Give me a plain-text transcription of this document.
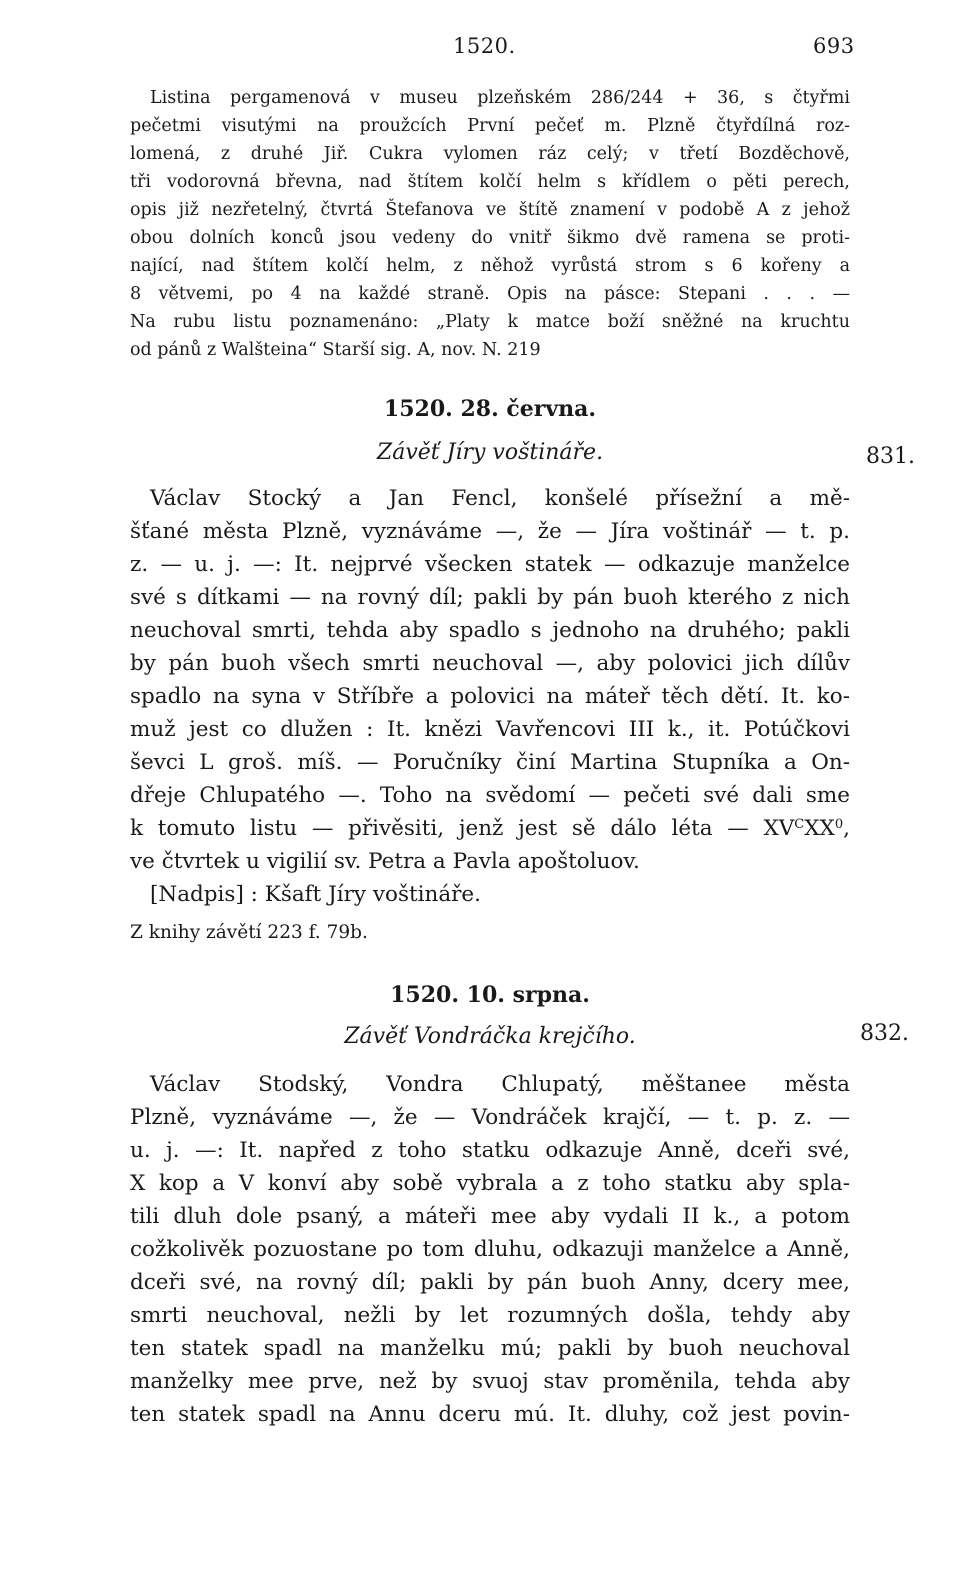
1520.	693
Listina pergamenová v museu plzeňském 286/244 + 36, s čtyřmi
pečetmi visutými na proužcích První pečeť m. Plzně čtyřdílná roz-
lomená, z druhé Jiř. Cukra vylomen ráz celý; v třetí Bozděchově,
tři vodorovná břevna, nad štítem kolčí helm s křídlem o pěti perech,
opis již nezřetelný, čtvrtá Štefanova ve štítě znamení v podobě A z jehož
obou dolních konců jsou vedeny do vnitř šikmo dvě ramena se proti-
nající, nad štítem kolčí helm, z něhož vyrůstá strom s 6 kořeny a
8 větvemi, po 4 na každé straně. Opis na pásce: Stepani . . . —
Na rubu listu poznamenáno: „Platy k matce boží sněžné na kruchtu
od pánů z Walšteina“ Starší sig. A, nov. N. 219
1520. 28. června.
Závěť Jíry voštináře.	831.
Václav Stocký a Jan Fencl, konšelé přísežní a mě-
šťané města Plzně, vyznáváme —, že — Jíra voštinář — t. p.
z. — u. j. —: It. nejprvé všecken statek — odkazuje manželce
své s dítkami — na rovný díl; pakli by pán buoh kterého z nich
neuchoval smrti, tehda aby spadlo s jednoho na druhého; pakli
by pán buoh všech smrti neuchoval —, aby polovici jich dílův
spadlo na syna v Stříbře a polovici na máteř těch dětí. It. ko-
muž jest co dlužen : It. knězi Vavřencovi III k., it. Potúčkovi
ševci L groš. míš. — Poručníky činí Martina Stupníka a On-
dřeje Chlupatého —. Toho na svědomí — pečeti své dali sme
k tomuto listu — přivěsiti, jenž jest sě dálo léta — $XV^CXX^0$,
ve čtvrtek u vigilií sv. Petra a Pavla apoštoluov.
[Nadpis] : Kšaft Jíry voštináře.
Z knihy závětí 223 f. 79b.
1520. 10. srpna.
Závěť Vondráčka krejčího.	832.
Václav Stodský, Vondra Chlupatý, měštanee města
Plzně, vyznáváme —, že — Vondráček krajčí, — t. p. z. —
u. j. —: It. napřed z toho statku odkazuje Anně, dceři své,
X kop a V konví aby sobě vybrala a z toho statku aby spla-
tili dluh dole psaný, a máteři mee aby vydali II k., a potom
cožkolivěk pozuostane po tom dluhu, odkazuji manželce a Anně,
dceři své, na rovný díl; pakli by pán buoh Anny, dcery mee,
smrti neuchoval, nežli by let rozumných došla, tehdy aby
ten statek spadl na manželku mú; pakli by buoh neuchoval
manželky mee prve, než by svuoj stav proměnila, tehda aby
ten statek spadl na Annu dceru mú. It. dluhy, což jest povin-
